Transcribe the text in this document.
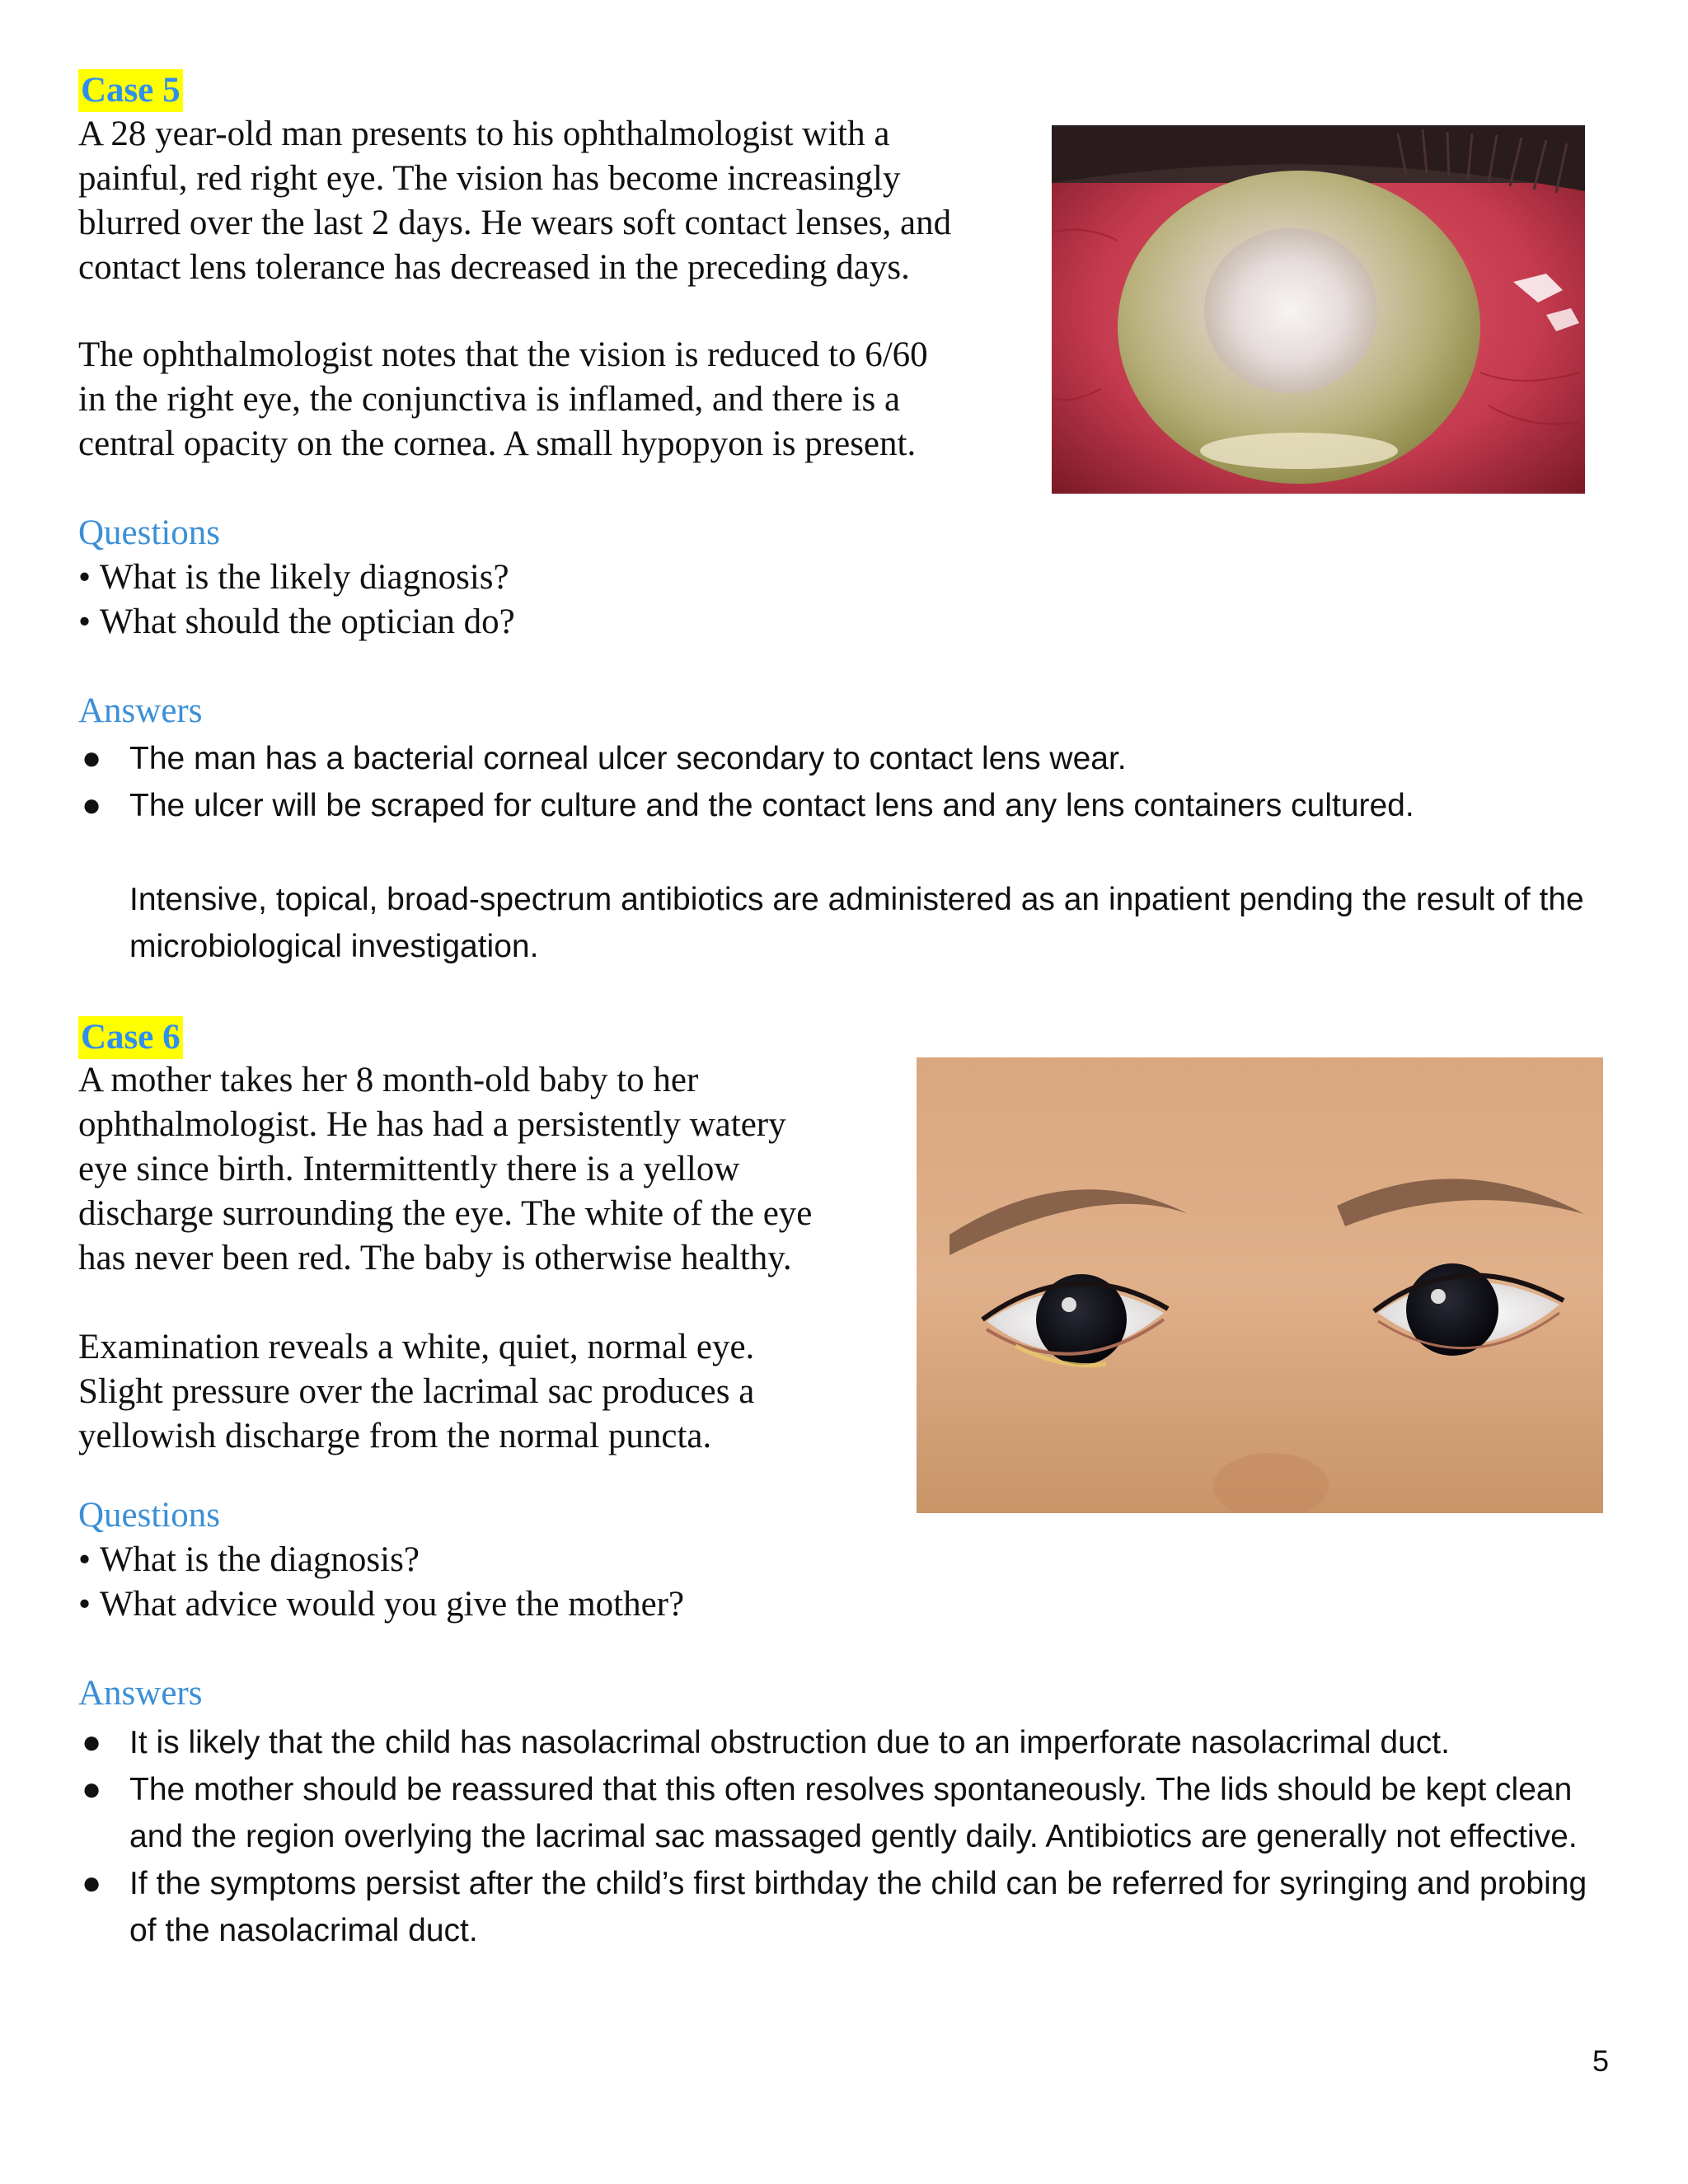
Case 5
A 28 year-old man presents to his ophthalmologist with a
painful, red right eye. The vision has become increasingly
blurred over the last 2 days. He wears soft contact lenses, and
contact lens tolerance has decreased in the preceding days.
The ophthalmologist notes that the vision is reduced to 6/60
in the right eye, the conjunctiva is inflamed, and there is a
central opacity on the cornea. A small hypopyon is present.
Questions
• What is the likely diagnosis?
• What should the optician do?
Answers
● The man has a bacterial corneal ulcer secondary to contact lens wear.
● The ulcer will be scraped for culture and the contact lens and any lens containers cultured.
Intensive, topical, broad-spectrum antibiotics are administered as an inpatient pending the result of the microbiological investigation.
Case 6
A mother takes her 8 month-old baby to her
ophthalmologist. He has had a persistently watery
eye since birth. Intermittently there is a yellow
discharge surrounding the eye. The white of the eye
has never been red. The baby is otherwise healthy.
Examination reveals a white, quiet, normal eye.
Slight pressure over the lacrimal sac produces a
yellowish discharge from the normal puncta.
Questions
• What is the diagnosis?
• What advice would you give the mother?
Answers
● It is likely that the child has nasolacrimal obstruction due to an imperforate nasolacrimal duct.
● The mother should be reassured that this often resolves spontaneously. The lids should be kept clean and the region overlying the lacrimal sac massaged gently daily. Antibiotics are generally not effective.
● If the symptoms persist after the child’s first birthday the child can be referred for syringing and probing of the nasolacrimal duct.
5
